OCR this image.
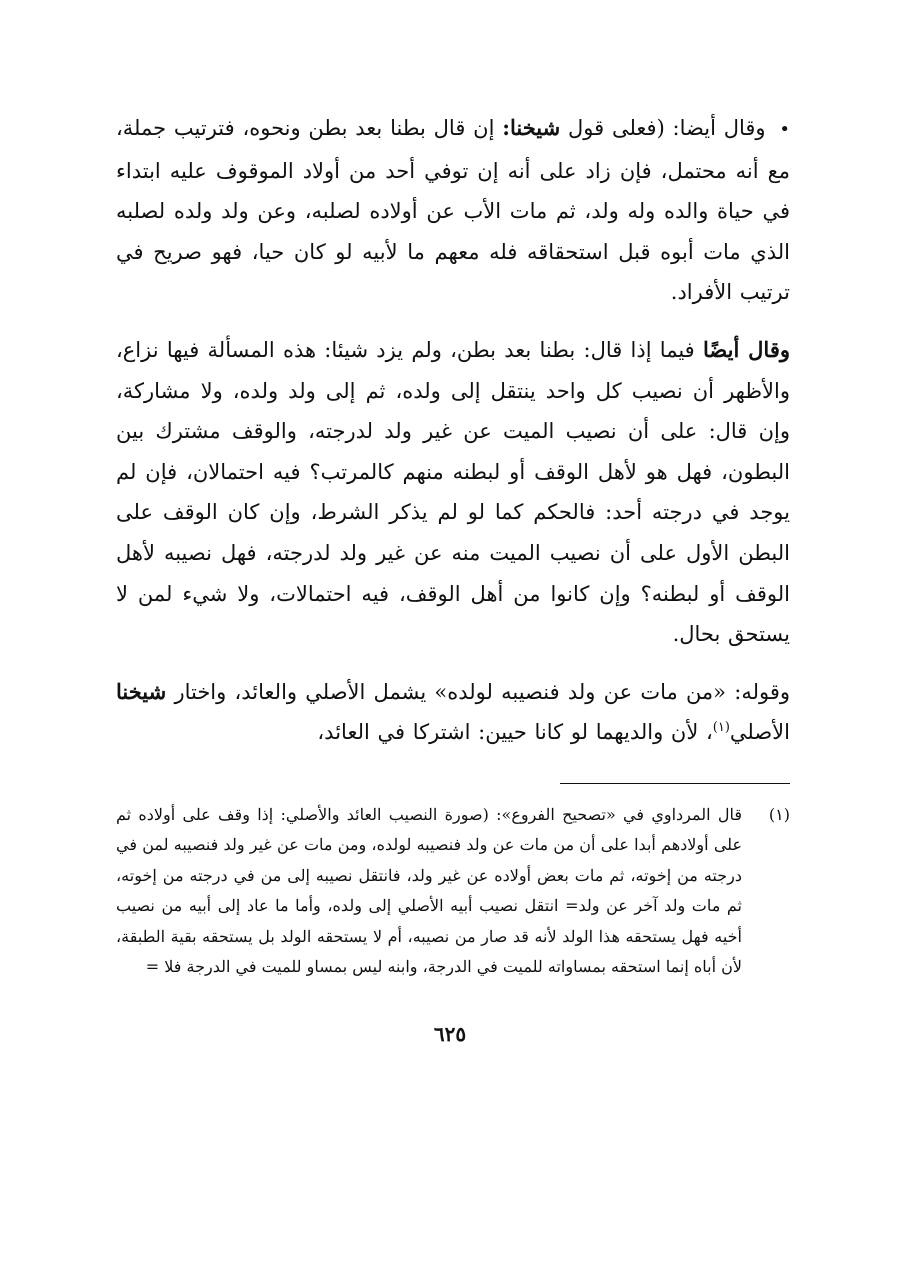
• وقال أيضا: (فعلى قول شيخنا: إن قال بطنا بعد بطن ونحوه، فترتيب جملة، مع أنه محتمل، فإن زاد على أنه إن توفي أحد من أولاد الموقوف عليه ابتداء في حياة والده وله ولد، ثم مات الأب عن أولاده لصلبه، وعن ولد ولده لصلبه الذي مات أبوه قبل استحقاقه فله معهم ما لأبيه لو كان حيا، فهو صريح في ترتيب الأفراد.

وقال أيضًا فيما إذا قال: بطنا بعد بطن، ولم يزد شيئا: هذه المسألة فيها نزاع، والأظهر أن نصيب كل واحد ينتقل إلى ولده، ثم إلى ولد ولده، ولا مشاركة، وإن قال: على أن نصيب الميت عن غير ولد لدرجته، والوقف مشترك بين البطون، فهل هو لأهل الوقف أو لبطنه منهم كالمرتب؟ فيه احتمالان، فإن لم يوجد في درجته أحد: فالحكم كما لو لم يذكر الشرط، وإن كان الوقف على البطن الأول على أن نصيب الميت منه عن غير ولد لدرجته، فهل نصيبه لأهل الوقف أو لبطنه؟ وإن كانوا من أهل الوقف، فيه احتمالات، ولا شيء لمن لا يستحق بحال.

وقوله: «من مات عن ولد فنصيبه لولده» يشمل الأصلي والعائد، واختار شيخنا الأصلي$^{(١)}$، لأن والديهما لو كانا حيين: اشتركا في العائد،

(١)
قال المرداوي في «تصحيح الفروع»: (صورة النصيب العائد والأصلي: إذا وقف على أولاده ثم على أولادهم أبدا على أن من مات عن ولد فنصيبه لولده، ومن مات عن غير ولد فنصيبه لمن في درجته من إخوته، ثم مات بعض أولاده عن غير ولد، فانتقل نصيبه إلى من في درجته من إخوته، ثم مات ولد آخر عن ولد= انتقل نصيب أبيه الأصلي إلى ولده، وأما ما عاد إلى أبيه من نصيب أخيه فهل يستحقه هذا الولد لأنه قد صار من نصيبه، أم لا يستحقه الولد بل يستحقه بقية الطبقة، لأن أباه إنما استحقه بمساواته للميت في الدرجة، وابنه ليس بمساو للميت في الدرجة فلا =
٦٢٥
